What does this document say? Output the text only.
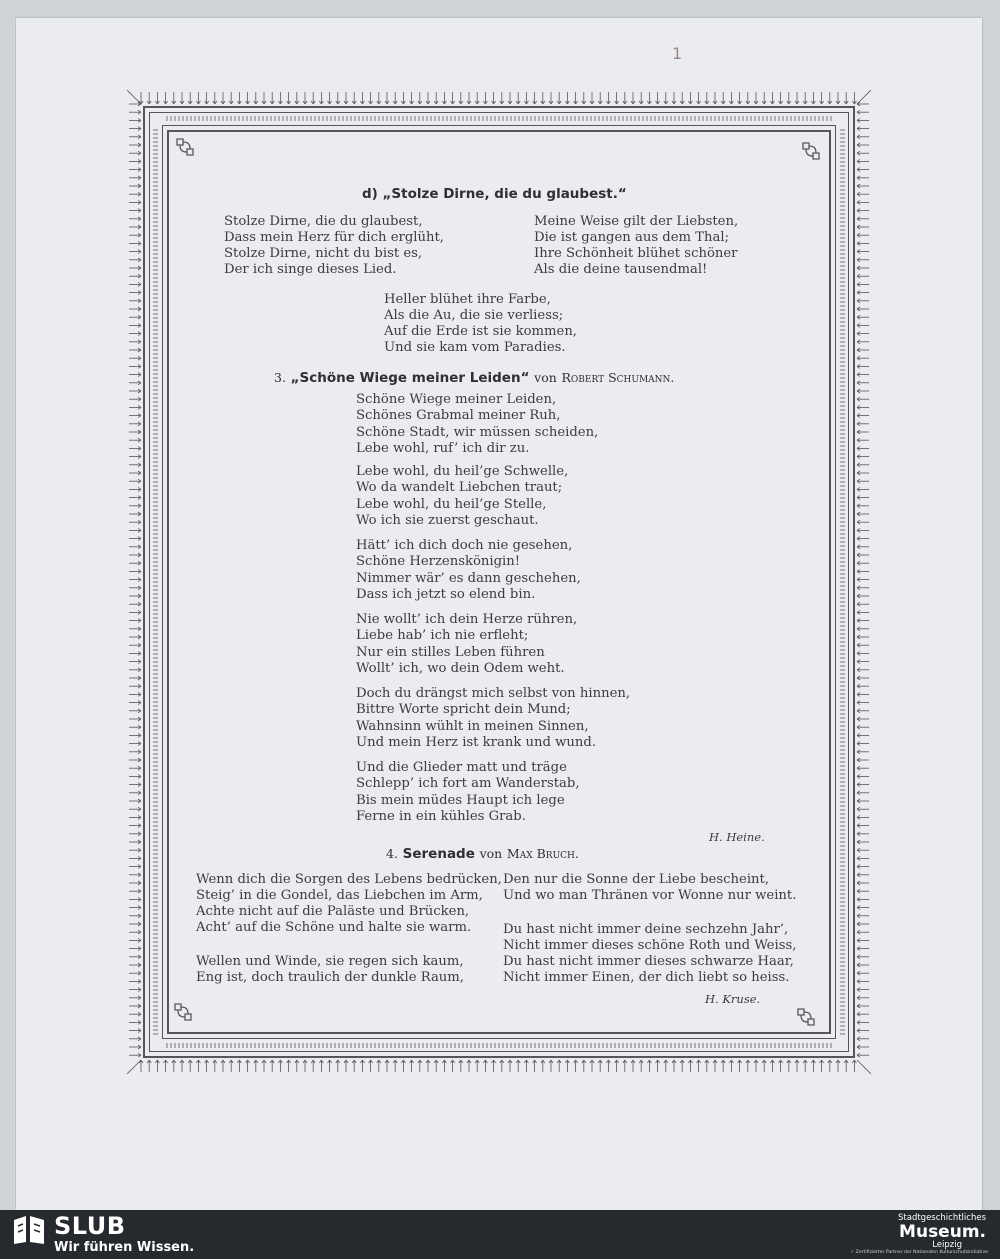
1
d) „Stolze Dirne, die du glaubest.“
Stolze Dirne, die du glaubest,
Dass mein Herz für dich erglüht,
Stolze Dirne, nicht du bist es,
Der ich singe dieses Lied.
Meine Weise gilt der Liebsten,
Die ist gangen aus dem Thal;
Ihre Schönheit blühet schöner
Als die deine tausendmal!
Heller blühet ihre Farbe,
Als die Au, die sie verliess;
Auf die Erde ist sie kommen,
Und sie kam vom Paradies.
3. „Schöne Wiege meiner Leiden“ von Robert Schumann.
Schöne Wiege meiner Leiden,
Schönes Grabmal meiner Ruh,
Schöne Stadt, wir müssen scheiden,
Lebe wohl, ruf’ ich dir zu.
Lebe wohl, du heil’ge Schwelle,
Wo da wandelt Liebchen traut;
Lebe wohl, du heil’ge Stelle,
Wo ich sie zuerst geschaut.
Hätt’ ich dich doch nie gesehen,
Schöne Herzenskönigin!
Nimmer wär’ es dann geschehen,
Dass ich jetzt so elend bin.
Nie wollt’ ich dein Herze rühren,
Liebe hab’ ich nie erfleht;
Nur ein stilles Leben führen
Wollt’ ich, wo dein Odem weht.
Doch du drängst mich selbst von hinnen,
Bittre Worte spricht dein Mund;
Wahnsinn wühlt in meinen Sinnen,
Und mein Herz ist krank und wund.
Und die Glieder matt und träge
Schlepp’ ich fort am Wanderstab,
Bis mein müdes Haupt ich lege
Ferne in ein kühles Grab.
H. Heine.
4. Serenade von Max Bruch.
Wenn dich die Sorgen des Lebens bedrücken,
Steig’ in die Gondel, das Liebchen im Arm,
Achte nicht auf die Paläste und Brücken,
Acht’ auf die Schöne und halte sie warm.
Wellen und Winde, sie regen sich kaum,
Eng ist, doch traulich der dunkle Raum,
Den nur die Sonne der Liebe bescheint,
Und wo man Thränen vor Wonne nur weint.
Du hast nicht immer deine sechzehn Jahr’,
Nicht immer dieses schöne Roth und Weiss,
Du hast nicht immer dieses schwarze Haar,
Nicht immer Einen, der dich liebt so heiss.
H. Kruse.
SLUB
Wir führen Wissen.
Stadtgeschichtliches
Museum.
Leipzig
✓ Zertifizierter Partner der Nationalen Kulturschutzinitiative
